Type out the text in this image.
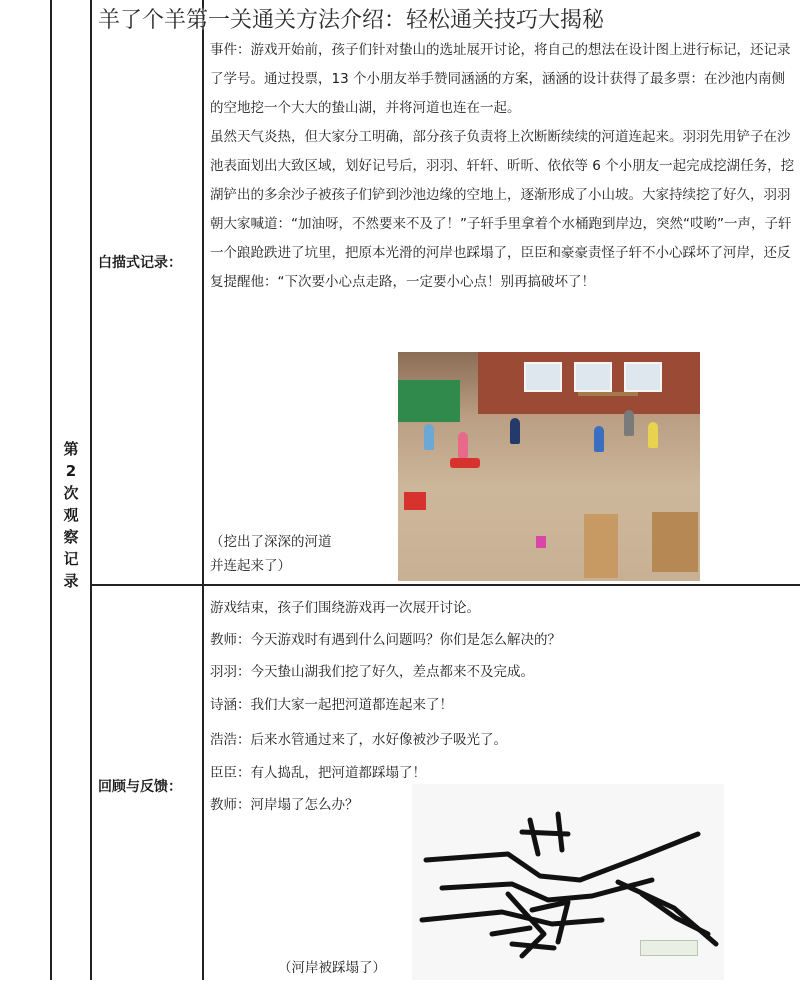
羊了个羊第一关通关方法介绍：轻松通关技巧大揭秘
第
2
次
观
察
记
录
白描式记录：
回顾与反馈：

事件：游戏开始前，孩子们针对蛰山的选址展开讨论，将自己的想法在设计图上进行标记，还记录了学号。通过投票，13 个小朋友举手赞同涵涵的方案，涵涵的设计获得了最多票：在沙池内南侧的空地挖一个大大的蛰山湖，并将河道也连在一起。

虽然天气炎热，但大家分工明确，部分孩子负责将上次断断续续的河道连起来。羽羽先用铲子在沙池表面划出大致区域，划好记号后，羽羽、轩轩、昕昕、依依等 6 个小朋友一起完成挖湖任务，挖湖铲出的多余沙子被孩子们铲到沙池边缘的空地上，逐渐形成了小山坡。大家持续挖了好久，羽羽朝大家喊道：“加油呀，不然要来不及了！”子轩手里拿着个水桶跑到岸边，突然“哎哟”一声，子轩一个踉跄跌进了坑里，把原本光滑的河岸也踩塌了，臣臣和豪豪责怪子轩不小心踩坏了河岸，还反复提醒他：“下次要小心点走路，一定要小心点！别再搞破坏了！

（挖出了深深的河道
并连起来了）
游戏结束，孩子们围绕游戏再一次展开讨论。
教师：今天游戏时有遇到什么问题吗？你们是怎么解决的？
羽羽：今天蛰山湖我们挖了好久，差点都来不及完成。
诗涵：我们大家一起把河道都连起来了！
浩浩：后来水管通过来了，水好像被沙子吸光了。
臣臣：有人捣乱，把河道都踩塌了！
教师：河岸塌了怎么办？
（河岸被踩塌了）
